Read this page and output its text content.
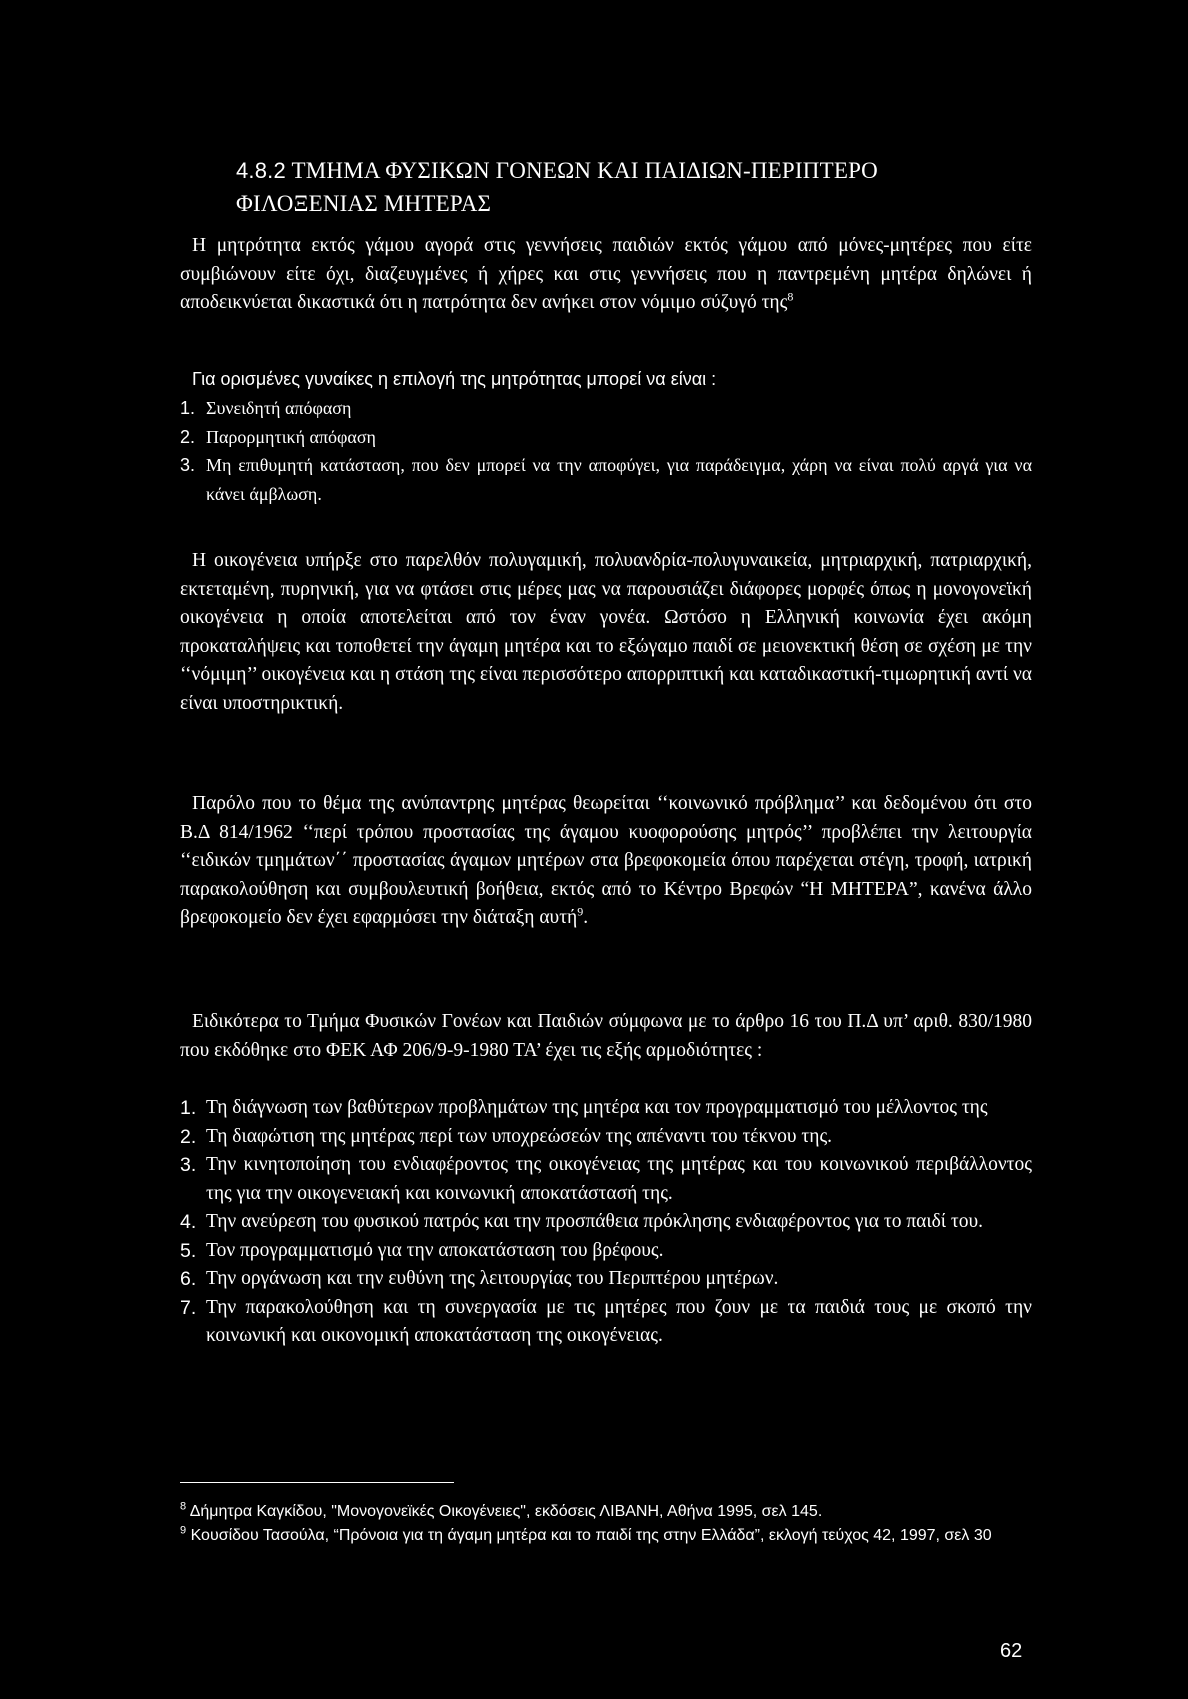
4.8.2 ΤΜΗΜΑ ΦΥΣΙΚΩΝ ΓΟΝΕΩΝ ΚΑΙ ΠΑΙΔΙΩΝ-ΠΕΡΙΠΤΕΡΟ
ΦΙΛΟΞΕΝΙΑΣ ΜΗΤΕΡΑΣ

Η μητρότητα εκτός γάμου αγορά στις γεννήσεις παιδιών εκτός γάμου από μόνες-μητέρες που είτε συμβιώνουν είτε όχι, διαζευγμένες ή χήρες και στις γεννήσεις που η παντρεμένη μητέρα δηλώνει ή αποδεικνύεται δικαστικά ότι η πατρότητα δεν ανήκει στον νόμιμο σύζυγό της$^8$

Για ορισμένες γυναίκες η επιλογή της μητρότητας μπορεί να είναι :

1. Συνειδητή απόφαση
2. Παρορμητική απόφαση
3. Μη επιθυμητή κατάσταση, που δεν μπορεί να την αποφύγει, για παράδειγμα, χάρη να είναι πολύ αργά για να κάνει άμβλωση.

Η οικογένεια υπήρξε στο παρελθόν πολυγαμική, πολυανδρία-πολυγυναικεία, μητριαρχική, πατριαρχική, εκτεταμένη, πυρηνική, για να φτάσει στις μέρες μας να παρουσιάζει διάφορες μορφές όπως η μονογονεϊκή οικογένεια η οποία αποτελείται από τον έναν γονέα. Ωστόσο η Ελληνική κοινωνία έχει ακόμη προκαταλήψεις και τοποθετεί την άγαμη μητέρα και το εξώγαμο παιδί σε μειονεκτική θέση σε σχέση με την ‘‘νόμιμη’’ οικογένεια και η στάση της είναι περισσότερο απορριπτική και καταδικαστική-τιμωρητική αντί να είναι υποστηρικτική.

Παρόλο που το θέμα της ανύπαντρης μητέρας θεωρείται ‘‘κοινωνικό πρόβλημα’’ και δεδομένου ότι στο Β.Δ 814/1962 ‘‘περί τρόπου προστασίας της άγαμου κυοφορούσης μητρός’’ προβλέπει την λειτουργία ‘‘ειδικών τμημάτων΄΄ προστασίας άγαμων μητέρων στα βρεφοκομεία όπου παρέχεται στέγη, τροφή, ιατρική παρακολούθηση και συμβουλευτική βοήθεια, εκτός από το Κέντρο Βρεφών “Η ΜΗΤΕΡΑ”, κανένα άλλο βρεφοκομείο δεν έχει εφαρμόσει την διάταξη αυτή$^9$.

Ειδικότερα το Τμήμα Φυσικών Γονέων και Παιδιών σύμφωνα με το άρθρο 16 του Π.Δ υπ’ αριθ. 830/1980 που εκδόθηκε στο ΦΕΚ ΑΦ 206/9-9-1980 ΤΑ’ έχει τις εξής αρμοδιότητες :

1. Τη διάγνωση των βαθύτερων προβλημάτων της μητέρα και τον προγραμματισμό του μέλλοντος της
2. Τη διαφώτιση της μητέρας περί των υποχρεώσεών της απέναντι του τέκνου της.
3. Την κινητοποίηση του ενδιαφέροντος της οικογένειας της μητέρας και του κοινωνικού περιβάλλοντος της για την οικογενειακή και κοινωνική αποκατάστασή της.
4. Την ανεύρεση του φυσικού πατρός και την προσπάθεια πρόκλησης ενδιαφέροντος για το παιδί του.
5. Τον προγραμματισμό για την αποκατάσταση του βρέφους.
6. Την οργάνωση και την ευθύνη της λειτουργίας του Περιπτέρου μητέρων.
7. Την παρακολούθηση και τη συνεργασία με τις μητέρες που ζουν με τα παιδιά τους με σκοπό την κοινωνική και οικονομική αποκατάσταση της οικογένειας.

$^8$ Δήμητρα Καγκίδου, "Μονογονεϊκές Οικογένειες", εκδόσεις ΛΙΒΑΝΗ, Αθήνα 1995, σελ 145.

$^9$ Κουσίδου Τασούλα, “Πρόνοια για τη άγαμη μητέρα και το παιδί της στην Ελλάδα”, εκλογή τεύχος 42, 1997, σελ 30

62
